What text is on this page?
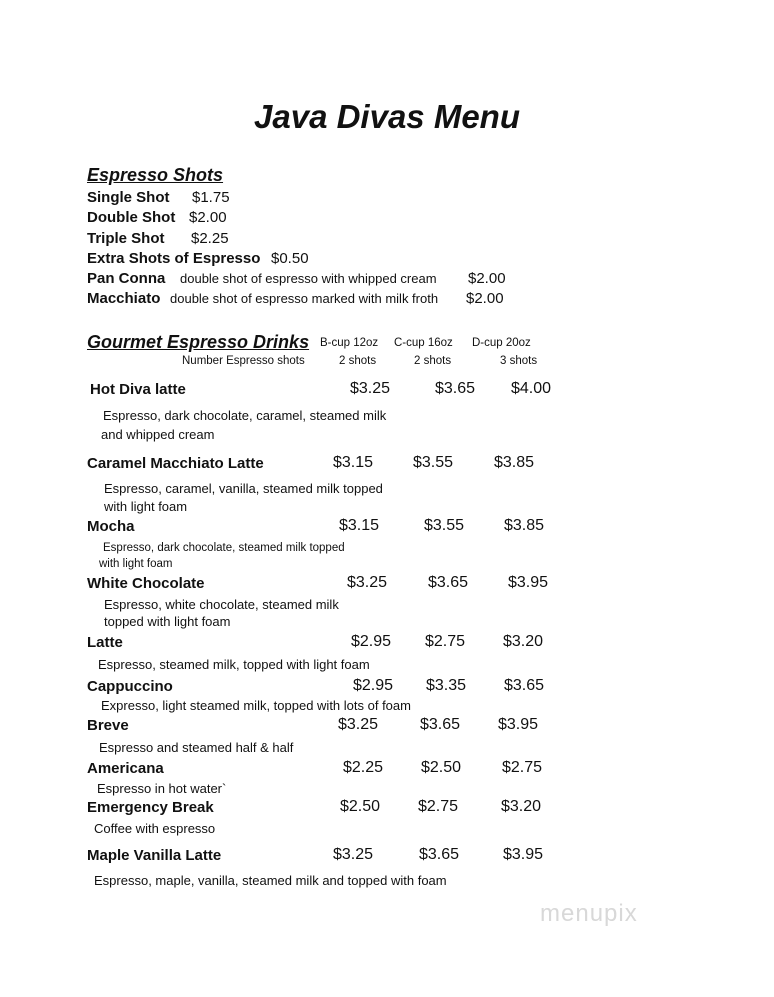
Java Divas Menu
Espresso Shots
Single Shot $1.75
Double Shot $2.00
Triple Shot $2.25
Extra Shots of Espresso $0.50
Pan Conna double shot of espresso with whipped cream $2.00
Macchiato double shot of espresso marked with milk froth $2.00
Gourmet Espresso Drinks B-cup 12oz C-cup 16oz D-cup 20oz
Number Espresso shots	2 shots	2 shots	3 shots
Hot Diva latte	$3.25	$3.65 $4.00
Espresso, dark chocolate, caramel, steamed milk
and whipped cream
Caramel Macchiato Latte	$3.15 $3.55	$3.85
Espresso, caramel, vanilla, steamed milk topped
with light foam
Mocha	$3.15	$3.55 $3.85
Espresso, dark chocolate, steamed milk topped
with light foam
White Chocolate	$3.25	$3.65 $3.95
Espresso, white chocolate, steamed milk
topped with light foam
Latte	$2.95 $2.75 $3.20
Espresso, steamed milk, topped with light foam
Cappuccino	$2.95 $3.35 $3.65
Expresso, light steamed milk, topped with lots of foam
Breve	$3.25	$3.65 $3.95
Espresso and steamed half & half
Americana	$2.25 $2.50	$2.75
Espresso in hot water`
Emergency Break	$2.50 $2.75	$3.20
Coffee with espresso
Maple Vanilla Latte	$3.25	$3.65	$3.95
Espresso, maple, vanilla, steamed milk and topped with foam
menupix
